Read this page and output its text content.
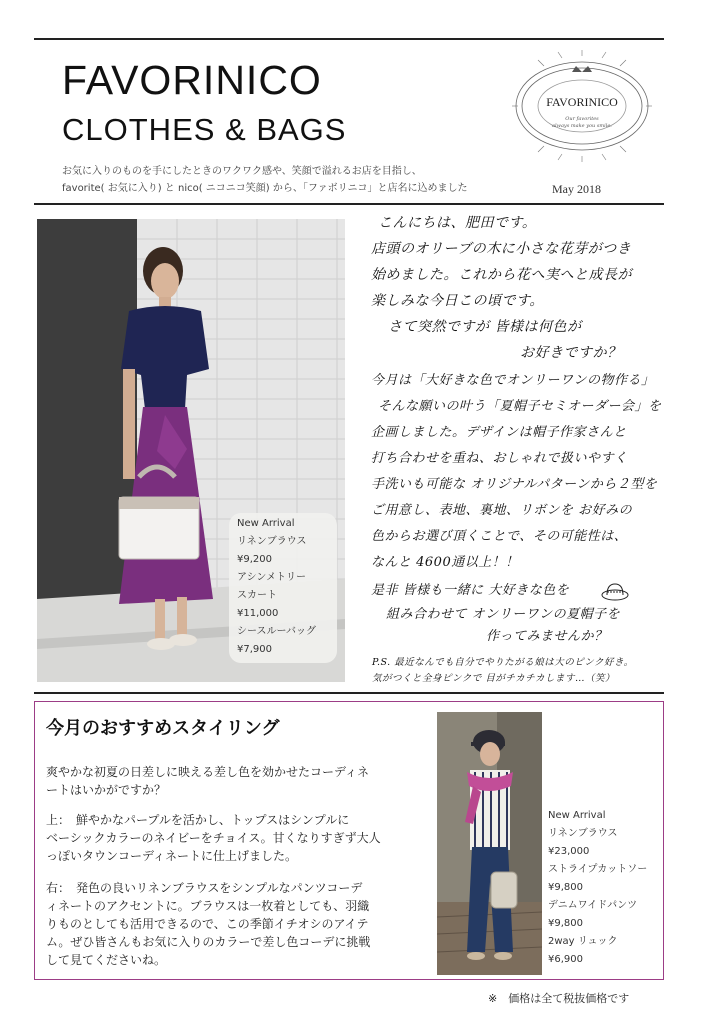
FAVORINICO
CLOTHES & BAGS
お気に入りのものを手にしたときのワクワク感や、笑顔で溢れるお店を目指し、
favorite( お気に入り) と nico( ニコニコ笑顔) から、「ファボリニコ」と店名に込めました	May 2018
FAVORINICO
Our favorites
always make you smile.
New Arrival
リネンブラウス
¥9,200
アシンメトリー
スカート
¥11,000
シースルーバッグ
¥7,900
こんにちは、肥田です。
店頭のオリーブの木に小さな花芽がつき
始めました。これから花へ実へと成長が
楽しみな今日この頃です。
さて突然ですが 皆様は何色が
お好きですか？
今月は「大好きな色でオンリーワンの物作る」
そんな願いの叶う「夏帽子セミオーダー会」を
企画しました。デザインは帽子作家さんと
打ち合わせを重ね、おしゃれで扱いやすく
手洗いも可能な オリジナルパターンから２型を
ご用意し、表地、裏地、リボンを お好みの
色からお選び頂くことで、その可能性は、
なんと 4600通以上！！
是非 皆様も一緒に 大好きな色を
組み合わせて オンリーワンの夏帽子を
作ってみませんか？
P.S. 最近なんでも自分でやりたがる娘は大のピンク好き。
気がつくと全身ピンクで 目がチカチカします…（笑）
今月のおすすめスタイリング
爽やかな初夏の日差しに映える差し色を効かせたコーディネ
ートはいかがですか？
上：　鮮やかなパープルを活かし、トップスはシンプルに
ベーシックカラーのネイビーをチョイス。甘くなりすぎず大人
っぽいタウンコーディネートに仕上げました。
右：　発色の良いリネンブラウスをシンプルなパンツコーデ
ィネートのアクセントに。ブラウスは一枚着としても、羽織
りものとしても活用できるので、この季節イチオシのアイテ
ム。ぜひ皆さんもお気に入りのカラーで差し色コーデに挑戦
して見てくださいね。
New Arrival
リネンブラウス
¥23,000
ストライプカットソー
¥9,800
デニムワイドパンツ
¥9,800
2way リュック
¥6,900
※　価格は全て税抜価格です
